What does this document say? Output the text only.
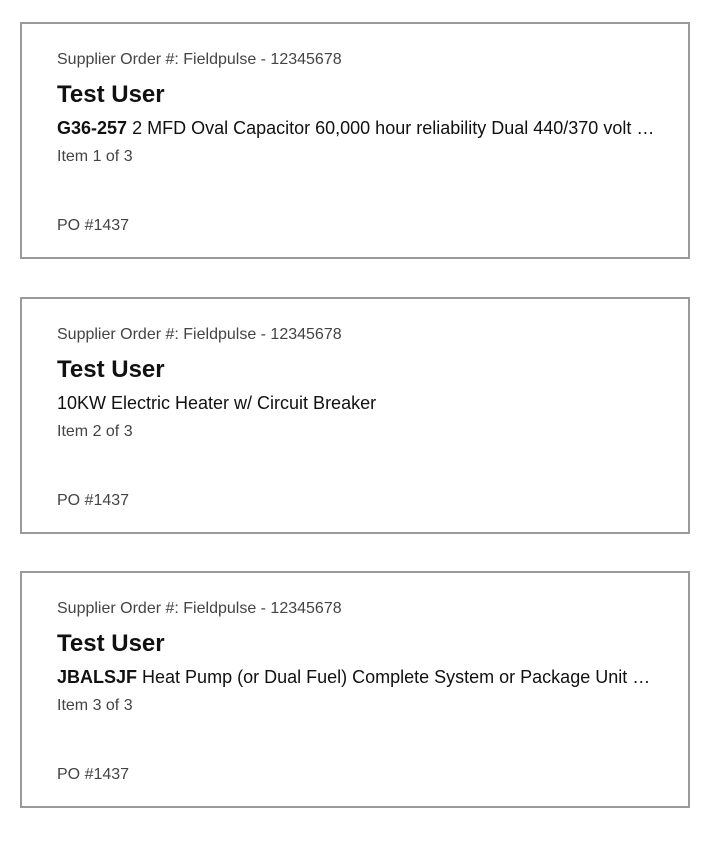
Supplier Order #: Fieldpulse - 12345678
Test User
G36-257 2 MFD Oval Capacitor 60,000 hour reliability Dual 440/370 volt …
Item 1 of 3
PO #1437
Supplier Order #: Fieldpulse - 12345678
Test User
10KW Electric Heater w/ Circuit Breaker
Item 2 of 3
PO #1437
Supplier Order #: Fieldpulse - 12345678
Test User
JBALSJF Heat Pump (or Dual Fuel) Complete System or Package Unit …
Item 3 of 3
PO #1437
